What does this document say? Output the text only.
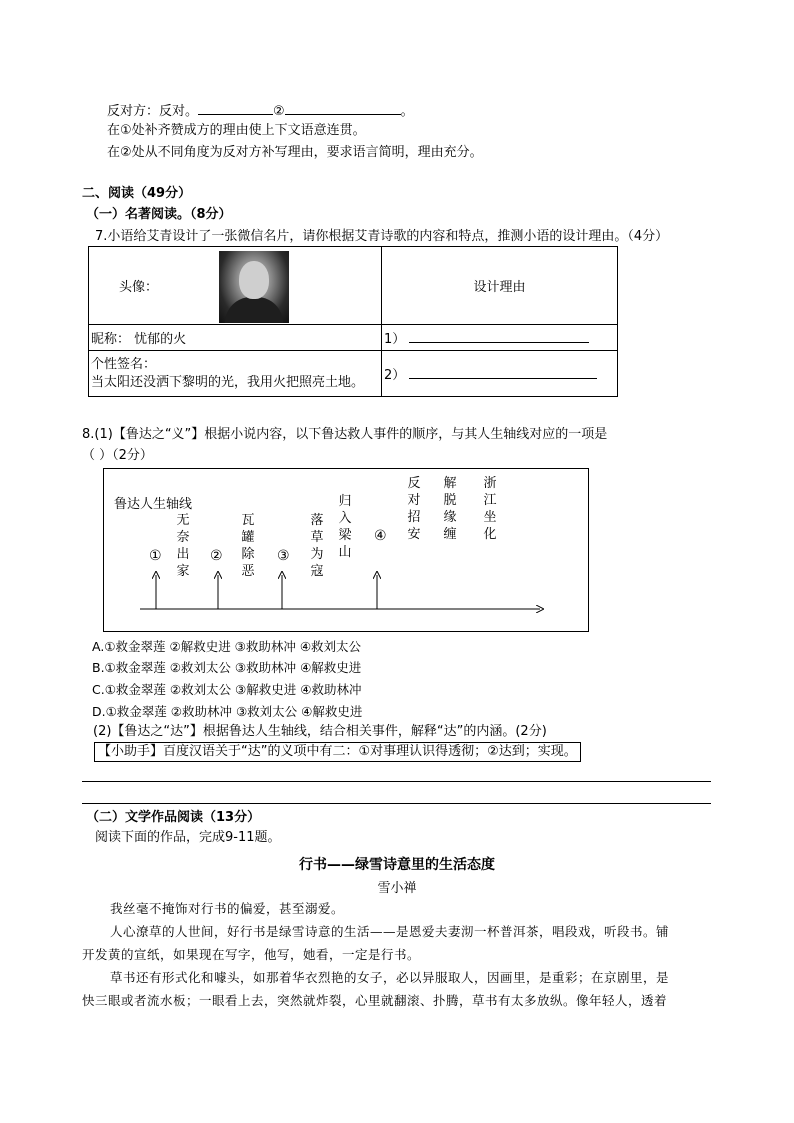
反对方：反对。	②	。
在①处补齐赞成方的理由使上下文语意连贯。
在②处从不同角度为反对方补写理由，要求语言简明，理由充分。
二、阅读（49分）
（一）名著阅读。（8分）
7.小语给艾青设计了一张微信名片，请你根据艾青诗歌的内容和特点，推测小语的设计理由。（4分）
头像：	设计理由
昵称： 忧郁的火	1）

个性签名：
当太阳还没洒下黎明的光，我用火把照亮土地。	2）
8.(1)【鲁达之“义”】根据小说内容，以下鲁达救人事件的顺序，与其人生轴线对应的一项是
（ ）（2分）
鲁达人生轴线
无奈出家
瓦罐除恶
落草为寇
归入梁山
反对招安
解脱缘缠
浙江坐化
①	②	③
④
A.①救金翠莲 ②解救史进 ③救助林冲 ④救刘太公
B.①救金翠莲 ②救刘太公 ③救助林冲 ④解救史进
C.①救金翠莲 ②救刘太公 ③解救史进 ④救助林冲
D.①救金翠莲 ②救助林冲 ③救刘太公 ④解救史进
(2)【鲁达之“达”】根据鲁达人生轴线，结合相关事件，解释“达”的内涵。(2分)
【小助手】百度汉语关于“达”的义项中有二：①对事理认识得透彻；②达到；实现。
（二）文学作品阅读（13分）
阅读下面的作品，完成9-11题。
行书——绿雪诗意里的生活态度
雪小禅
我丝毫不掩饰对行书的偏爱，甚至溺爱。
人心潦草的人世间，好行书是绿雪诗意的生活——是恩爱夫妻沏一杯普洱茶，唱段戏，听段书。铺
开发黄的宣纸，如果现在写字，他写，她看，一定是行书。
草书还有形式化和噱头，如那着华衣烈艳的女子，必以异服取人，因画里，是重彩；在京剧里，是
快三眼或者流水板；一眼看上去，突然就炸裂，心里就翻滚、扑腾，草书有太多放纵。像年轻人，透着
